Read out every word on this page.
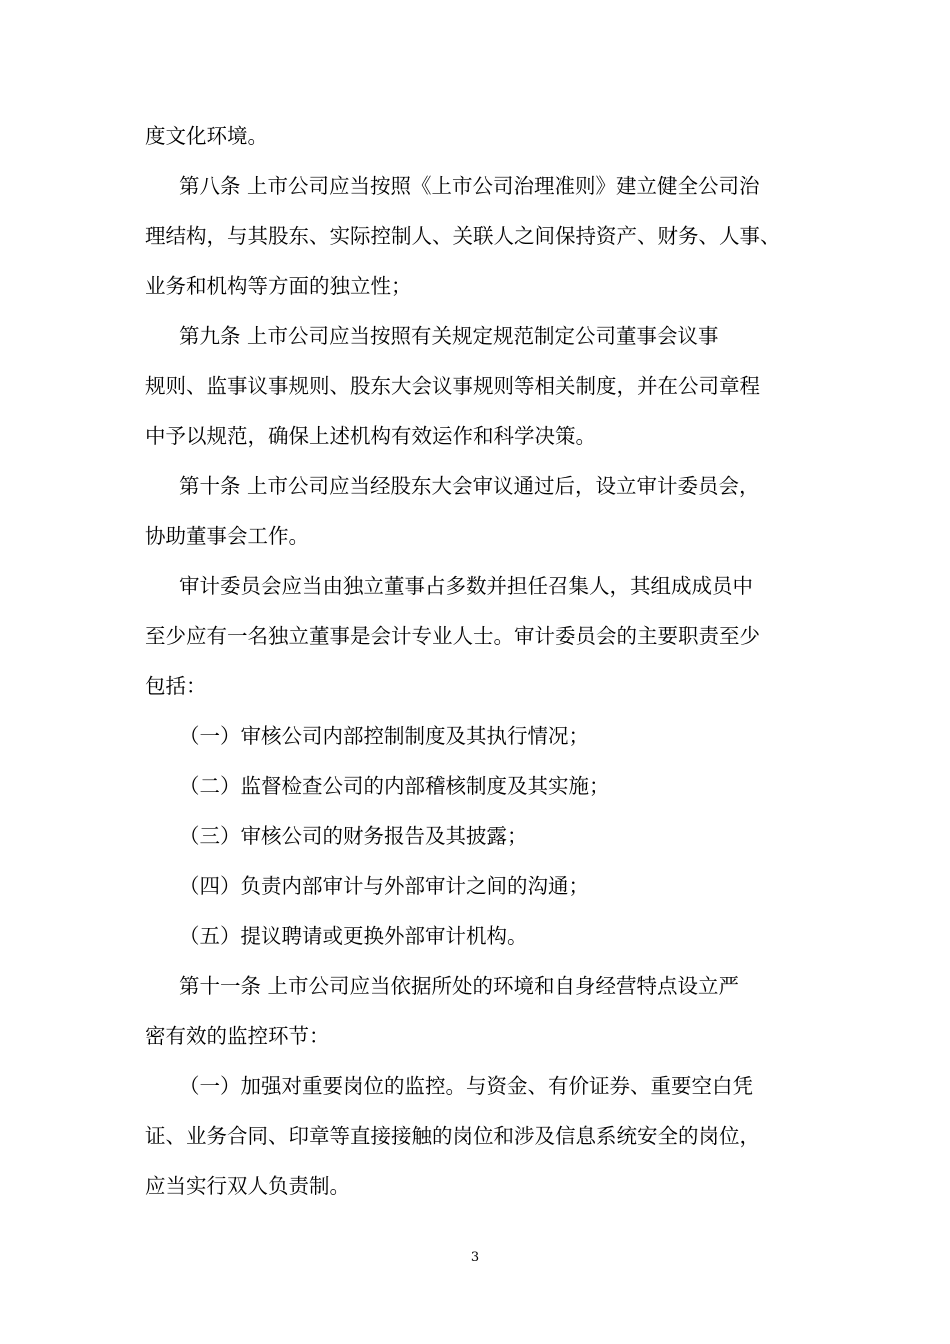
度文化环境。
第八条 上市公司应当按照《上市公司治理准则》建立健全公司治
理结构，与其股东、实际控制人、关联人之间保持资产、财务、人事、
业务和机构等方面的独立性；
第九条 上市公司应当按照有关规定规范制定公司董事会议事
规则、监事议事规则、股东大会议事规则等相关制度，并在公司章程
中予以规范，确保上述机构有效运作和科学决策。
第十条 上市公司应当经股东大会审议通过后，设立审计委员会，
协助董事会工作。
审计委员会应当由独立董事占多数并担任召集人，其组成成员中
至少应有一名独立董事是会计专业人士。审计委员会的主要职责至少
包括：
（一）审核公司内部控制制度及其执行情况；
（二）监督检查公司的内部稽核制度及其实施；
（三）审核公司的财务报告及其披露；
（四）负责内部审计与外部审计之间的沟通；
（五）提议聘请或更换外部审计机构。
第十一条 上市公司应当依据所处的环境和自身经营特点设立严
密有效的监控环节：
（一）加强对重要岗位的监控。与资金、有价证券、重要空白凭
证、业务合同、印章等直接接触的岗位和涉及信息系统安全的岗位，
应当实行双人负责制。
3
